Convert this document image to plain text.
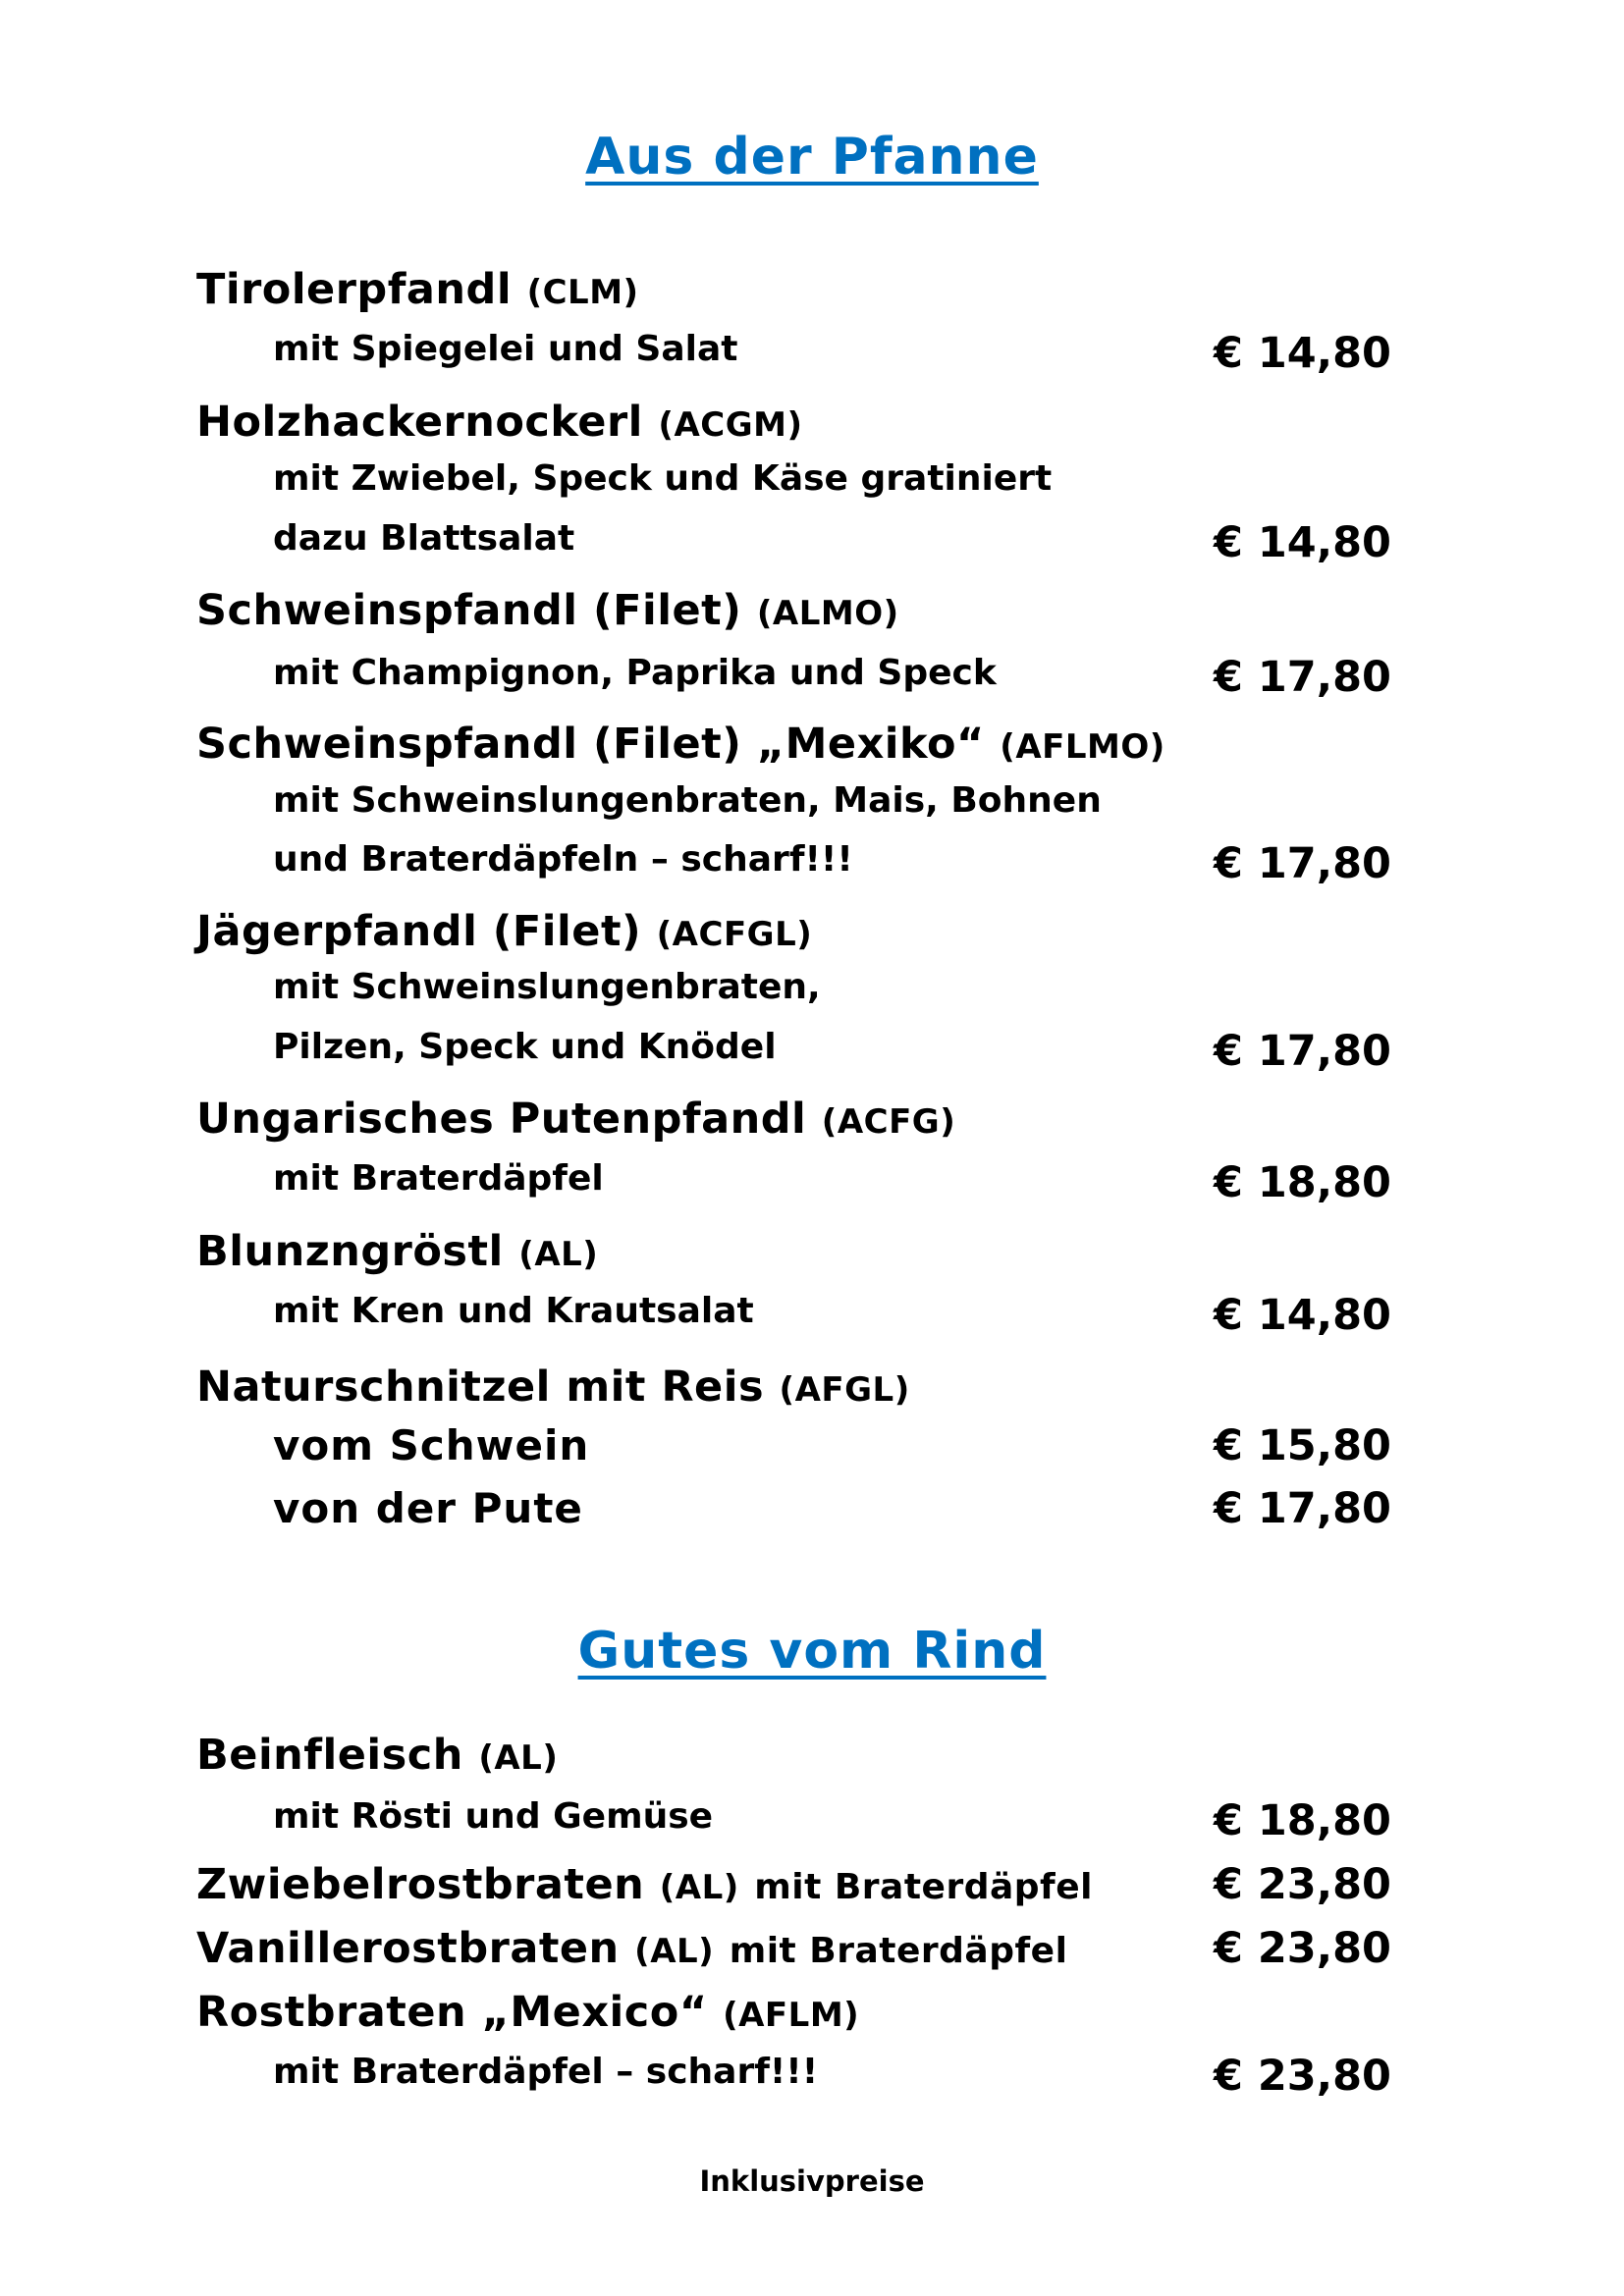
Aus der Pfanne
Tirolerpfandl (CLM)
mit Spiegelei und Salat	€ 14,80
Holzhackernockerl (ACGM)
mit Zwiebel, Speck und Käse gratiniert
dazu Blattsalat	€ 14,80
Schweinspfandl (Filet) (ALMO)
mit Champignon, Paprika und Speck	€ 17,80
Schweinspfandl (Filet) „Mexiko“ (AFLMO)
mit Schweinslungenbraten, Mais, Bohnen
und Braterdäpfeln – scharf!!!	€ 17,80
Jägerpfandl (Filet) (ACFGL)
mit Schweinslungenbraten,
Pilzen, Speck und Knödel	€ 17,80
Ungarisches Putenpfandl (ACFG)
mit Braterdäpfel	€ 18,80
Blunzngröstl (AL)
mit Kren und Krautsalat	€ 14,80
Naturschnitzel mit Reis (AFGL)
vom Schwein	€ 15,80
von der Pute	€ 17,80
Gutes vom Rind
Beinfleisch (AL)
mit Rösti und Gemüse	€ 18,80
Zwiebelrostbraten (AL) mit Braterdäpfel	€ 23,80
Vanillerostbraten (AL) mit Braterdäpfel	€ 23,80
Rostbraten „Mexico“ (AFLM)
mit Braterdäpfel – scharf!!!	€ 23,80
Inklusivpreise
